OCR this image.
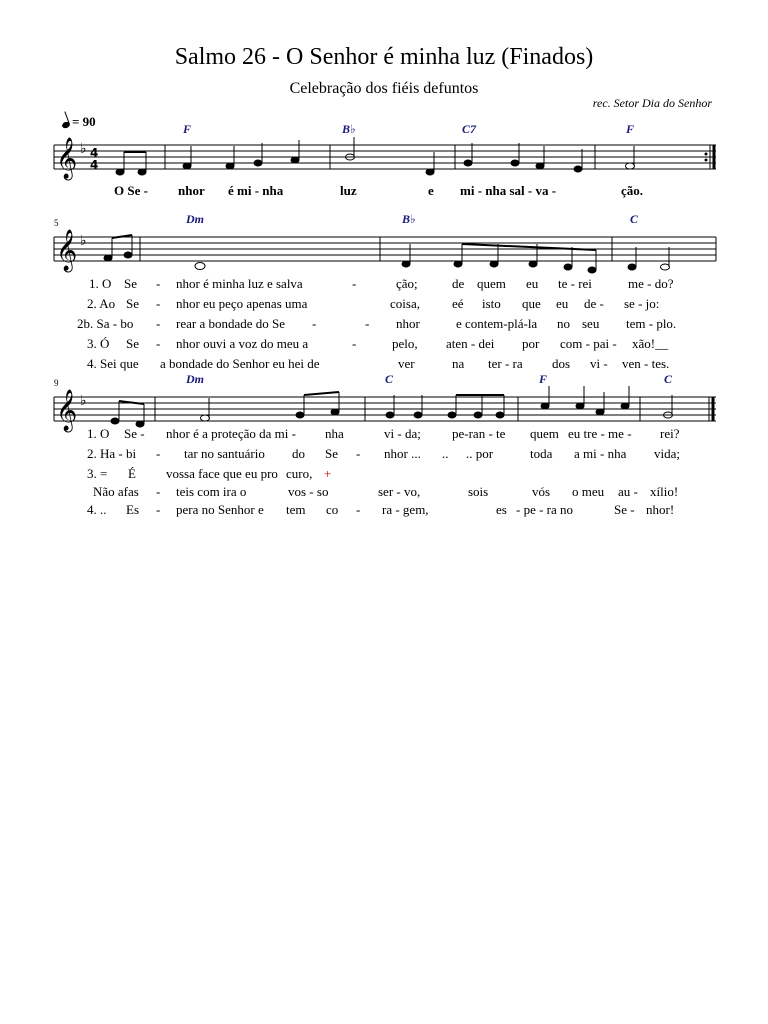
Salmo 26 - O Senhor é minha luz (Finados)
Celebração dos fiéis defuntos
rec. Setor Dia do Senhor
= 90
𝄞
𝄞
𝄞
♭
♭
♭
4
4
5
9
F	B♭	C7	F
Dm	B♭	C
Dm	C	F	C
O Se - nhor é mi - nha	luz	e mi - nha sal - va -	ção.
1. O Se - nhor é minha luz e salva	-	ção;	de quem eu te - rei	me - do?
2. Ao Se - nhor eu peço apenas uma	coisa, eé isto que eu de - se - jo:
2b. Sa - bo - rear a bondade do Se -	- nhor	e contem-plá-la no seu tem - plo.
3. Ó Se - nhor ouvi a voz do meu a	-	pelo, aten - dei por com - pai - xão!__
4. Sei que a bondade do Senhor eu hei de	ver	na ter - ra dos vi - ven - tes.
1. O Se - nhor é a proteção da mi - nha	vi - da; pe-ran - te quem eu tre - me - rei?
2. Ha - bi - tar no santuário do Se - nhor ... .. .. por	toda a mi - nha vida;
3. = É vossa face que eu pro curo, +
Não afas - teis com ira o	vos - so	ser - vo,	sois	vós o meu au - xílio!
4. .. Es - pera no Senhor e tem co - ra - gem,	es - pe - ra no	Se - nhor!
